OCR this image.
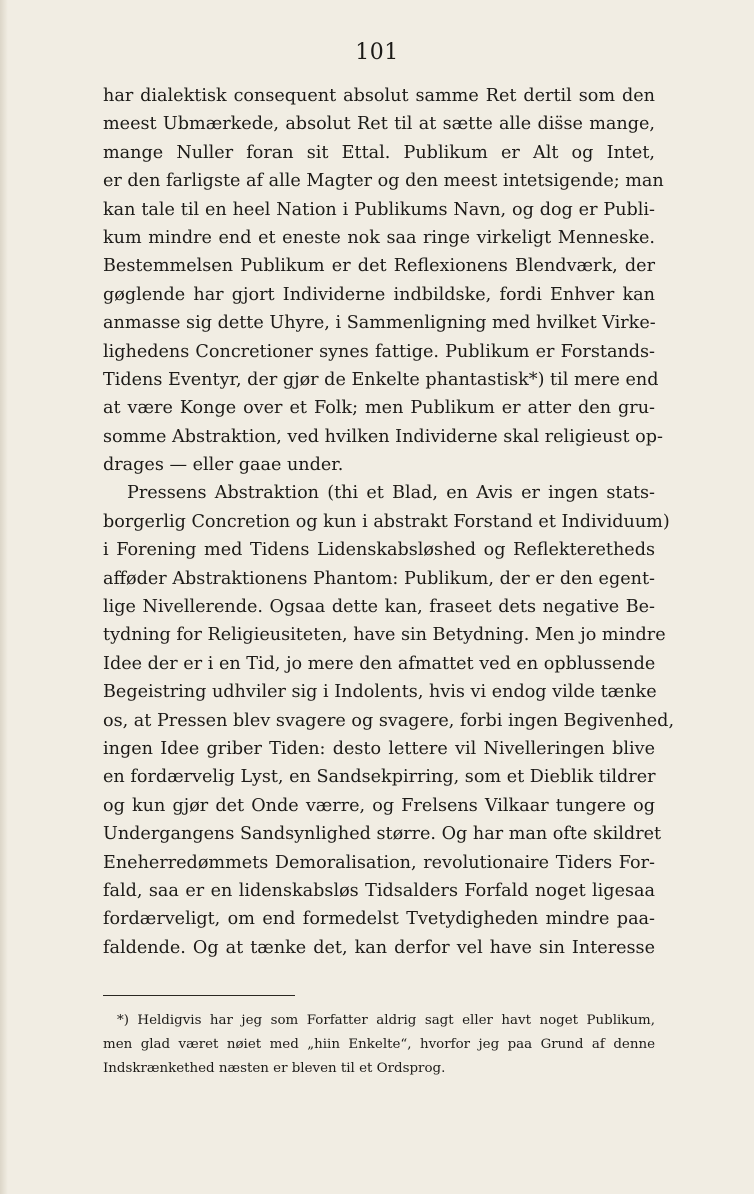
101
har dialektisk consequent absolut samme Ret dertil som den
meest Ubmærkede, absolut Ret til at sætte alle dis̈se mange,
mange Nuller foran sit Ettal. Publikum er Alt og Intet,
er den farligste af alle Magter og den meest intetsigende; man
kan tale til en heel Nation i Publikums Navn, og dog er Publi-
kum mindre end et eneste nok saa ringe virkeligt Menneske.
Bestemmelsen Publikum er det Reflexionens Blendværk, der
gøglende har gjort Individerne indbildske, fordi Enhver kan
anmasse sig dette Uhyre, i Sammenligning med hvilket Virke-
lighedens Concretioner synes fattige. Publikum er Forstands-
Tidens Eventyr, der gjør de Enkelte phantastisk*) til mere end
at være Konge over et Folk; men Publikum er atter den gru-
somme Abstraktion, ved hvilken Individerne skal religieust op-
drages — eller gaae under.
Pressens Abstraktion (thi et Blad, en Avis er ingen stats-
borgerlig Concretion og kun i abstrakt Forstand et Individuum)
i Forening med Tidens Lidenskabsløshed og Reflekteretheds
afføder Abstraktionens Phantom: Publikum, der er den egent-
lige Nivellerende. Ogsaa dette kan, fraseet dets negative Be-
tydning for Religieusiteten, have sin Betydning. Men jo mindre
Idee der er i en Tid, jo mere den afmattet ved en opblussende
Begeistring udhviler sig i Indolents, hvis vi endog vilde tænke
os, at Pressen blev svagere og svagere, forbi ingen Begivenhed,
ingen Idee griber Tiden: desto lettere vil Nivelleringen blive
en fordærvelig Lyst, en Sandsekpirring, som et Dieblik tildrer
og kun gjør det Onde værre, og Frelsens Vilkaar tungere og
Undergangens Sandsynlighed større. Og har man ofte skildret
Eneherredømmets Demoralisation, revolutionaire Tiders For-
fald, saa er en lidenskabsløs Tidsalders Forfald noget ligesaa
fordærveligt, om end formedelst Tvetydigheden mindre paa-
faldende. Og at tænke det, kan derfor vel have sin Interesse
*) Heldigvis har jeg som Forfatter aldrig sagt eller havt noget Publikum,
men glad været nøiet med „hiin Enkelte“, hvorfor jeg paa Grund af denne
Indskrænkethed næsten er bleven til et Ordsprog.
